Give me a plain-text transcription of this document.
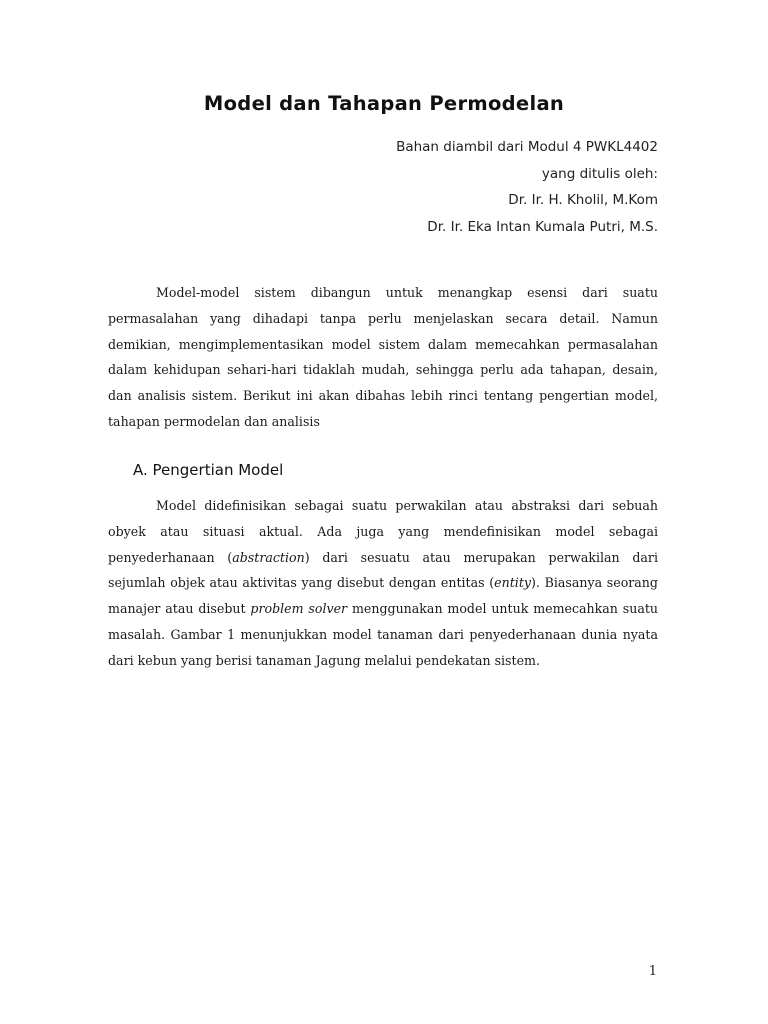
Model dan Tahapan Permodelan
Bahan diambil dari Modul 4 PWKL4402
yang ditulis oleh:
Dr. Ir. H. Kholil, M.Kom
Dr. Ir. Eka Intan Kumala Putri, M.S.

Model-model sistem dibangun untuk menangkap esensi dari suatu permasalahan yang dihadapi tanpa perlu menjelaskan secara detail. Namun demikian, mengimplementasikan model sistem dalam memecahkan permasalahan dalam kehidupan sehari-hari tidaklah mudah, sehingga perlu ada tahapan, desain, dan analisis sistem. Berikut ini akan dibahas lebih rinci tentang pengertian model, tahapan permodelan dan analisis

A. Pengertian Model

Model didefinisikan sebagai suatu perwakilan atau abstraksi dari sebuah obyek atau situasi aktual. Ada juga yang mendefinisikan model sebagai penyederhanaan (abstraction) dari sesuatu atau merupakan perwakilan dari sejumlah objek atau aktivitas yang disebut dengan entitas (entity). Biasanya seorang manajer atau disebut problem solver menggunakan model untuk memecahkan suatu masalah. Gambar 1 menunjukkan model tanaman dari penyederhanaan dunia nyata dari kebun yang berisi tanaman Jagung melalui pendekatan sistem.

1
